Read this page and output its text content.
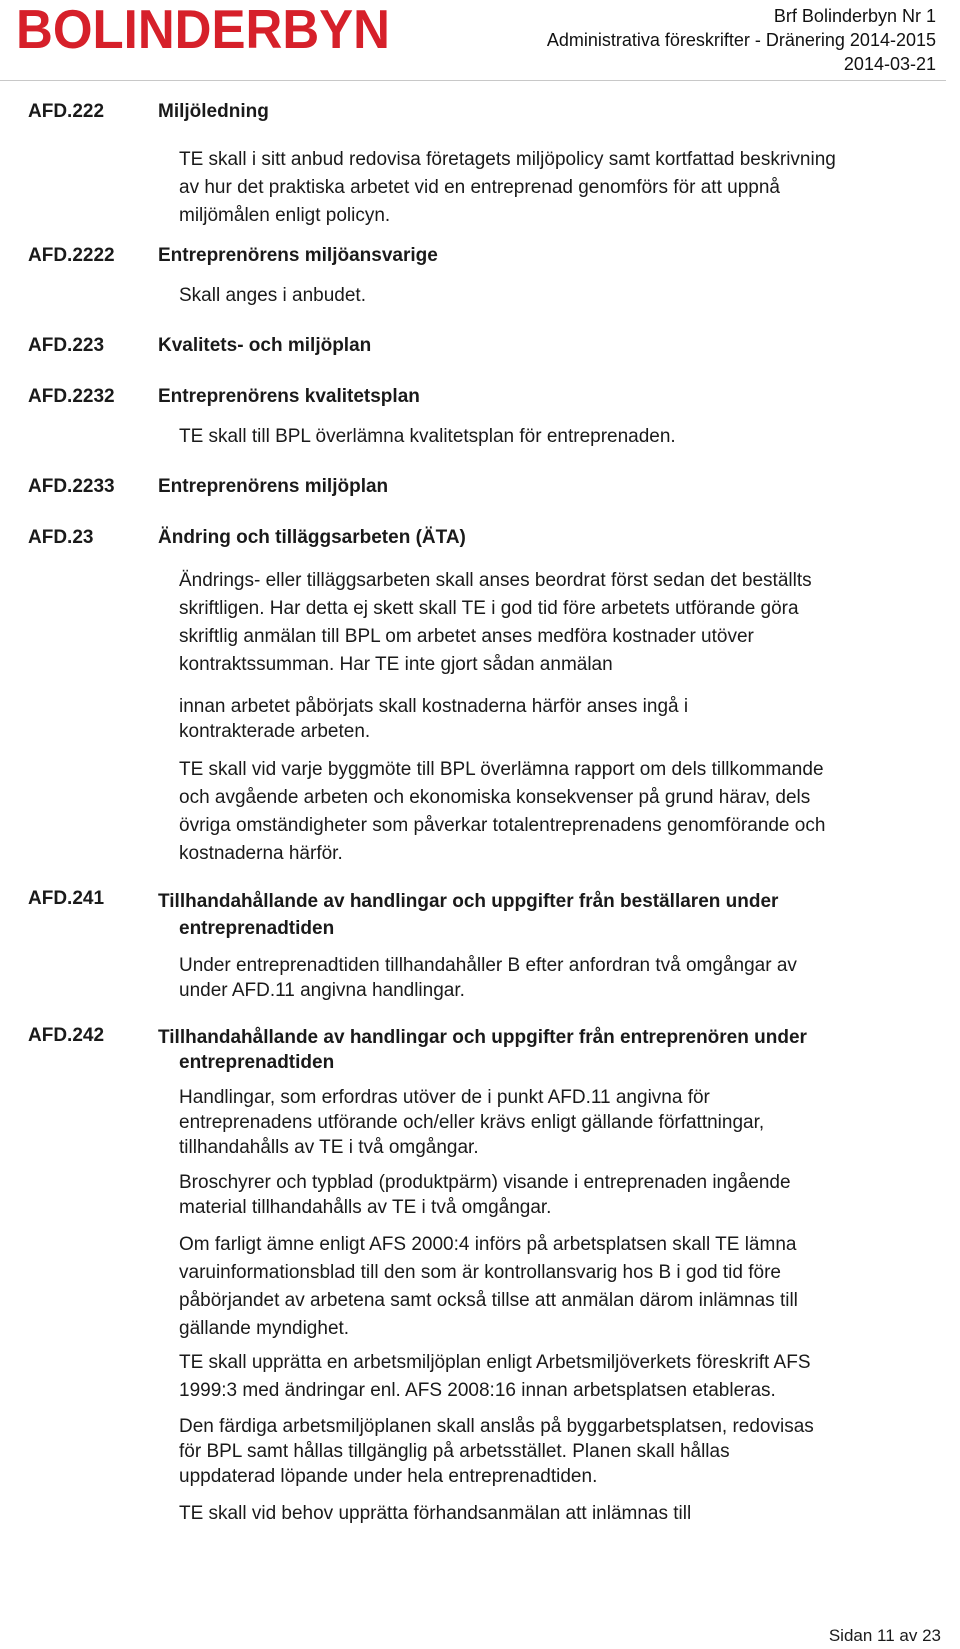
BOLINDERBYN	Brf Bolinderbyn Nr 1
Administrativa föreskrifter - Dränering 2014-2015
2014-03-21
AFD.222	Miljöledning
TE skall i sitt anbud redovisa företagets miljöpolicy samt kortfattad beskrivning
av hur det praktiska arbetet vid en entreprenad genomförs för att uppnå
miljömålen enligt policyn.
AFD.2222 Entreprenörens miljöansvarige
Skall anges i anbudet.
AFD.223	Kvalitets- och miljöplan
AFD.2232 Entreprenörens kvalitetsplan
TE skall till BPL överlämna kvalitetsplan för entreprenaden.
AFD.2233 Entreprenörens miljöplan
AFD.23	Ändring och tilläggsarbeten (ÄTA)
Ändrings- eller tilläggsarbeten skall anses beordrat först sedan det beställts
skriftligen. Har detta ej skett skall TE i god tid före arbetets utförande göra
skriftlig anmälan till BPL om arbetet anses medföra kostnader utöver
kontraktssumman. Har TE inte gjort sådan anmälan
innan arbetet påbörjats skall kostnaderna härför anses ingå i
kontrakterade arbeten.
TE skall vid varje byggmöte till BPL överlämna rapport om dels tillkommande
och avgående arbeten och ekonomiska konsekvenser på grund härav, dels
övriga omständigheter som påverkar totalentreprenadens genomförande och
kostnaderna härför.
AFD.241	Tillhandahållande av handlingar och uppgifter från beställaren under
entreprenadtiden
Under entreprenadtiden tillhandahåller B efter anfordran två omgångar av
under AFD.11 angivna handlingar.
AFD.242	Tillhandahållande av handlingar och uppgifter från entreprenören under
entreprenadtiden
Handlingar, som erfordras utöver de i punkt AFD.11 angivna för
entreprenadens utförande och/eller krävs enligt gällande författningar,
tillhandahålls av TE i två omgångar.
Broschyrer och typblad (produktpärm) visande i entreprenaden ingående
material tillhandahålls av TE i två omgångar.
Om farligt ämne enligt AFS 2000:4 införs på arbetsplatsen skall TE lämna
varuinformationsblad till den som är kontrollansvarig hos B i god tid före
påbörjandet av arbetena samt också tillse att anmälan därom inlämnas till
gällande myndighet.
TE skall upprätta en arbetsmiljöplan enligt Arbetsmiljöverkets föreskrift AFS
1999:3 med ändringar enl. AFS 2008:16 innan arbetsplatsen etableras.
Den färdiga arbetsmiljöplanen skall anslås på byggarbetsplatsen, redovisas
för BPL samt hållas tillgänglig på arbetsstället. Planen skall hållas
uppdaterad löpande under hela entreprenadtiden.
TE skall vid behov upprätta förhandsanmälan att inlämnas till
Sidan 11 av 23
